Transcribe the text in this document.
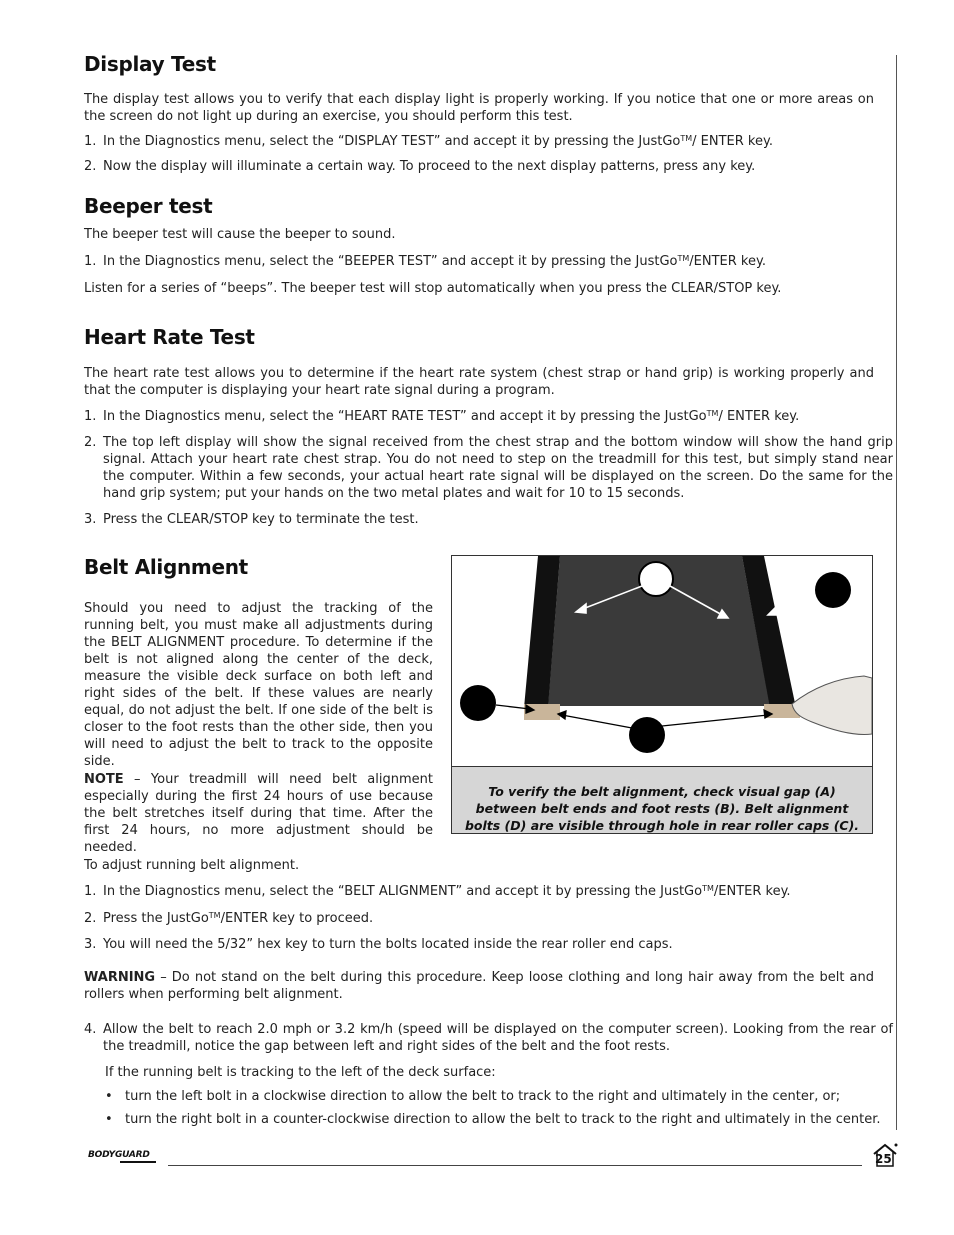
Display Test

The display test allows you to verify that each display light is properly working. If you notice that one or more areas on the screen do not light up during an exercise, you should perform this test.

1. In the Diagnostics menu, select the “DISPLAY TEST” and accept it by pressing the JustGo™/ ENTER key.
2. Now the display will illuminate a certain way. To proceed to the next display patterns, press any key.
Beeper test

The beeper test will cause the beeper to sound.

1. In the Diagnostics menu, select the “BEEPER TEST” and accept it by pressing the JustGo™/ENTER key.

Listen for a series of “beeps”. The beeper test will stop automatically when you press the CLEAR/STOP key.

Heart Rate Test

The heart rate test allows you to determine if the heart rate system (chest strap or hand grip) is working properly and that the computer is displaying your heart rate signal during a program.

1. In the Diagnostics menu, select the “HEART RATE TEST” and accept it by pressing the JustGo™/ ENTER key.
2. The top left display will show the signal received from the chest strap and the bottom window will show the hand grip signal. Attach your heart rate chest strap. You do not need to step on the treadmill for this test, but simply stand near the computer. Within a few seconds, your actual heart rate signal will be displayed on the screen. Do the same for the hand grip system; put your hands on the two metal plates and wait for 10 to 15 seconds.
3. Press the CLEAR/STOP key to terminate the test.
Belt Alignment

Should you need to adjust the tracking of the running belt, you must make all adjustments during the BELT ALIGNMENT procedure. To determine if the belt is not aligned along the center of the deck, measure the visible deck surface on both left and right sides of the belt. If these values are nearly equal, do not adjust the belt. If one side of the belt is closer to the foot rests than the other side, then you will need to adjust the belt to track to the opposite side.

NOTE – Your treadmill will need belt alignment especially during the first 24 hours of use because the belt stretches itself during that time. After the first 24 hours, no more adjustment should be needed.

To verify the belt alignment, check visual gap (A) between belt ends and foot rests (B). Belt alignment bolts (D) are visible through hole in rear roller caps (C).

To adjust running belt alignment.

1. In the Diagnostics menu, select the “BELT ALIGNMENT” and accept it by pressing the JustGo™/ENTER key.
2. Press the JustGo™/ENTER key to proceed.
3. You will need the 5/32” hex key to turn the bolts located inside the rear roller end caps.

WARNING – Do not stand on the belt during this procedure. Keep loose clothing and long hair away from the belt and rollers when performing belt alignment.

4. Allow the belt to reach 2.0 mph or 3.2 km/h (speed will be displayed on the computer screen). Looking from the rear of the treadmill, notice the gap between left and right sides of the belt and the foot rests.

If the running belt is tracking to the left of the deck surface:

• turn the left bolt in a clockwise direction to allow the belt to track to the right and ultimately in the center, or;
• turn the right bolt in a counter-clockwise direction to allow the belt to track to the right and ultimately in the center.
BODYGUARD	25
